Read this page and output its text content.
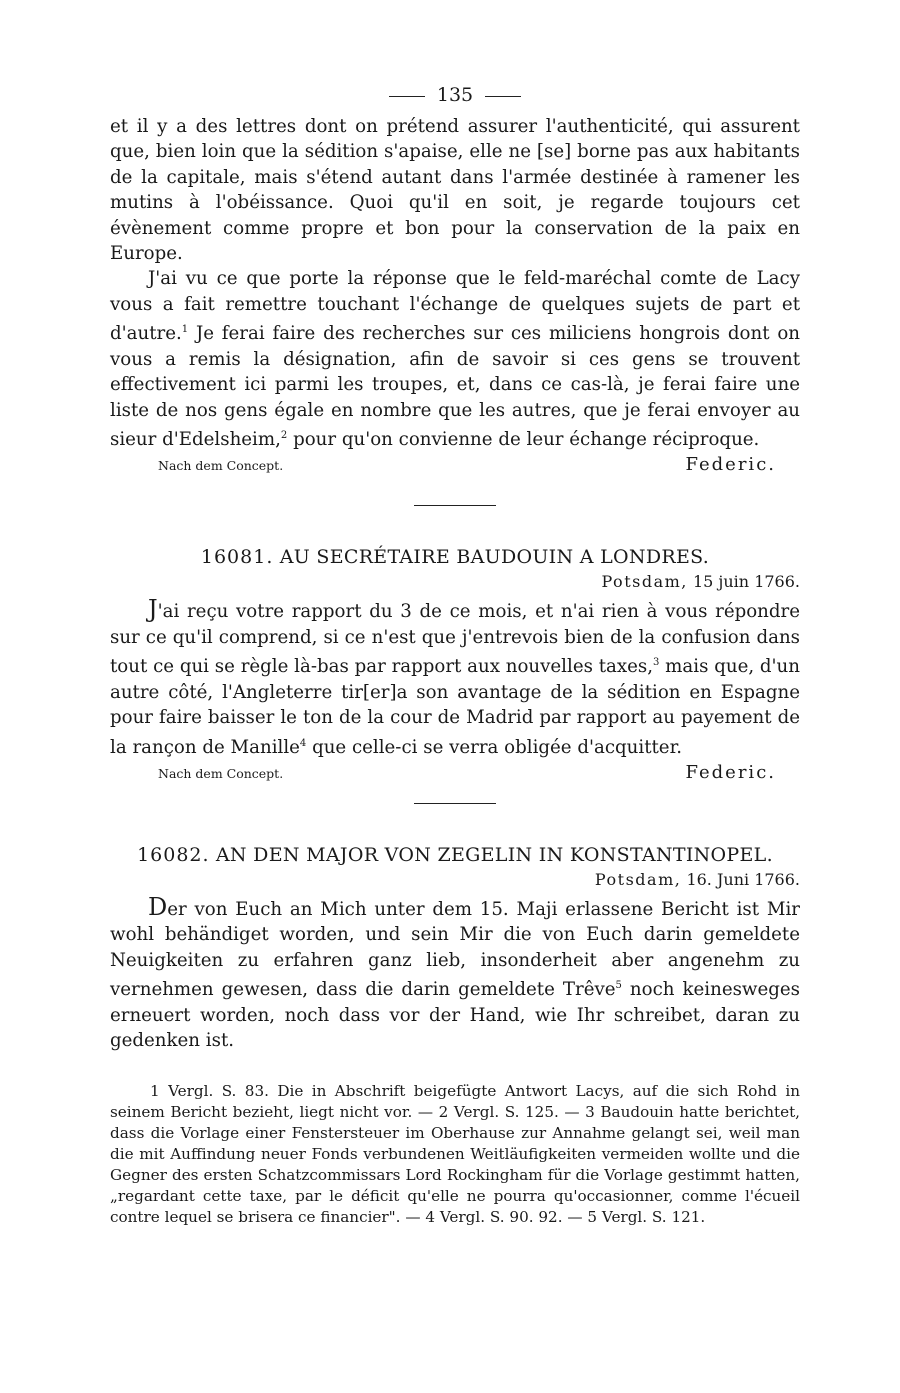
135

et il y a des lettres dont on prétend assurer l'authenticité, qui assurent que, bien loin que la sédition s'apaise, elle ne [se] borne pas aux habitants de la capitale, mais s'étend autant dans l'armée destinée à ramener les mutins à l'obéissance. Quoi qu'il en soit, je regarde toujours cet évènement comme propre et bon pour la conservation de la paix en Europe.

J'ai vu ce que porte la réponse que le feld-maréchal comte de Lacy vous a fait remettre touchant l'échange de quelques sujets de part et d'autre.$^1$ Je ferai faire des recherches sur ces miliciens hongrois dont on vous a remis la désignation, afin de savoir si ces gens se trouvent effectivement ici parmi les troupes, et, dans ce cas-là, je ferai faire une liste de nos gens égale en nombre que les autres, que je ferai envoyer au sieur d'Edelsheim,$^2$ pour qu'on convienne de leur échange réciproque.

Nach dem Concept.	Federic.
16081. AU SECRÉTAIRE BAUDOUIN A LONDRES.
Potsdam, 15 juin 1766.

J'ai reçu votre rapport du 3 de ce mois, et n'ai rien à vous répondre sur ce qu'il comprend, si ce n'est que j'entrevois bien de la confusion dans tout ce qui se règle là-bas par rapport aux nouvelles taxes,$^3$ mais que, d'un autre côté, l'Angleterre tir[er]a son avantage de la sédition en Espagne pour faire baisser le ton de la cour de Madrid par rapport au payement de la rançon de Manille$^4$ que celle-ci se verra obligée d'acquitter.

Nach dem Concept.	Federic.
16082. AN DEN MAJOR VON ZEGELIN IN KONSTANTINOPEL.
Potsdam, 16. Juni 1766.

Der von Euch an Mich unter dem 15. Maji erlassene Bericht ist Mir wohl behändiget worden, und sein Mir die von Euch darin gemeldete Neuigkeiten zu erfahren ganz lieb, insonderheit aber angenehm zu vernehmen gewesen, dass die darin gemeldete Trêve$^5$ noch keinesweges erneuert worden, noch dass vor der Hand, wie Ihr schreibet, daran zu gedenken ist.

1 Vergl. S. 83. Die in Abschrift beigefügte Antwort Lacys, auf die sich Rohd in seinem Bericht bezieht, liegt nicht vor. — 2 Vergl. S. 125. — 3 Baudouin hatte berichtet, dass die Vorlage einer Fenstersteuer im Oberhause zur Annahme gelangt sei, weil man die mit Auffindung neuer Fonds verbundenen Weitläufigkeiten vermeiden wollte und die Gegner des ersten Schatzcommissars Lord Rockingham für die Vorlage gestimmt hatten, „regardant cette taxe, par le déficit qu'elle ne pourra qu'occasionner, comme l'écueil contre lequel se brisera ce financier". — 4 Vergl. S. 90. 92. — 5 Vergl. S. 121.
